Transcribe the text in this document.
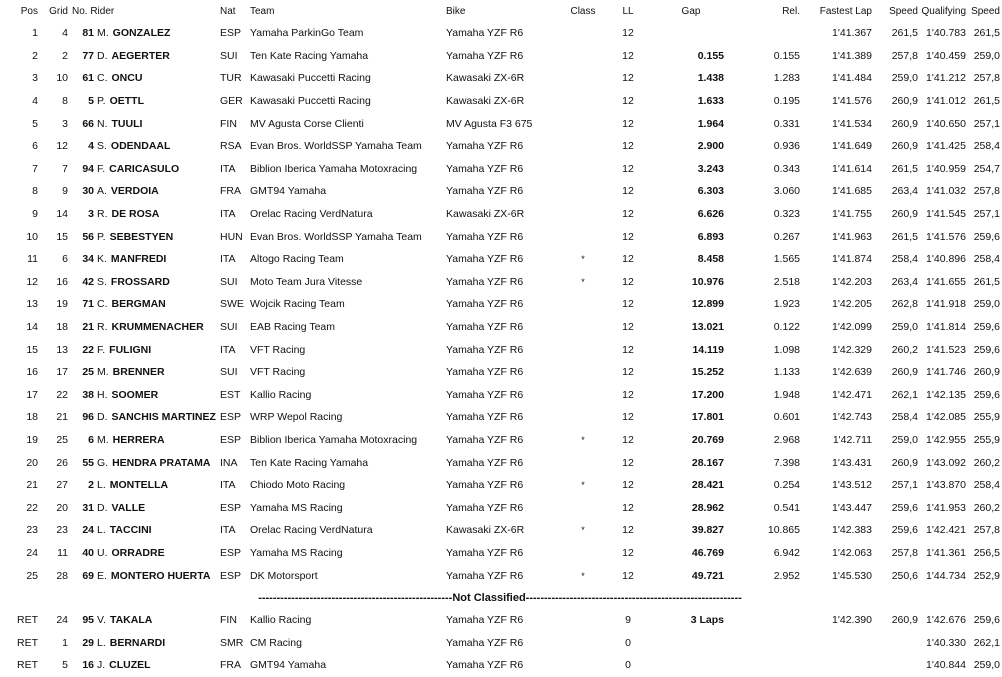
Pos	Grid	No. Rider		Nat	Team	Bike	Class	LL	Gap	Rel.	Fastest Lap	Speed	Qualifying	Speed
1	4	81	M. GONZALEZ	ESP	Yamaha ParkinGo Team	Yamaha YZF R6		12			1'41.367	261,5	1'40.783	261,5
2	2	77	D. AEGERTER	SUI	Ten Kate Racing Yamaha	Yamaha YZF R6		12	0.155	0.155	1'41.389	257,8	1'40.459	259,0
3	10	61	C. ONCU	TUR	Kawasaki Puccetti Racing	Kawasaki ZX-6R		12	1.438	1.283	1'41.484	259,0	1'41.212	257,8
4	8	5	P. OETTL	GER	Kawasaki Puccetti Racing	Kawasaki ZX-6R		12	1.633	0.195	1'41.576	260,9	1'41.012	261,5
5	3	66	N. TUULI	FIN	MV Agusta Corse Clienti	MV Agusta F3 675		12	1.964	0.331	1'41.534	260,9	1'40.650	257,1
6	12	4	S. ODENDAAL	RSA	Evan Bros. WorldSSP Yamaha Team	Yamaha YZF R6		12	2.900	0.936	1'41.649	260,9	1'41.425	258,4
7	7	94	F. CARICASULO	ITA	Biblion Iberica Yamaha Motoxracing	Yamaha YZF R6		12	3.243	0.343	1'41.614	261,5	1'40.959	254,7
8	9	30	A. VERDOIA	FRA	GMT94 Yamaha	Yamaha YZF R6		12	6.303	3.060	1'41.685	263,4	1'41.032	257,8
9	14	3	R. DE ROSA	ITA	Orelac Racing VerdNatura	Kawasaki ZX-6R		12	6.626	0.323	1'41.755	260,9	1'41.545	257,1
10	15	56	P. SEBESTYEN	HUN	Evan Bros. WorldSSP Yamaha Team	Yamaha YZF R6		12	6.893	0.267	1'41.963	261,5	1'41.576	259,6
11	6	34	K. MANFREDI	ITA	Altogo Racing Team	Yamaha YZF R6	*	12	8.458	1.565	1'41.874	258,4	1'40.896	258,4
12	16	42	S. FROSSARD	SUI	Moto Team Jura Vitesse	Yamaha YZF R6	*	12	10.976	2.518	1'42.203	263,4	1'41.655	261,5
13	19	71	C. BERGMAN	SWE	Wojcik Racing Team	Yamaha YZF R6		12	12.899	1.923	1'42.205	262,8	1'41.918	259,0
14	18	21	R. KRUMMENACHER	SUI	EAB Racing Team	Yamaha YZF R6		12	13.021	0.122	1'42.099	259,0	1'41.814	259,6
15	13	22	F. FULIGNI	ITA	VFT Racing	Yamaha YZF R6		12	14.119	1.098	1'42.329	260,2	1'41.523	259,6
16	17	25	M. BRENNER	SUI	VFT Racing	Yamaha YZF R6		12	15.252	1.133	1'42.639	260,9	1'41.746	260,9
17	22	38	H. SOOMER	EST	Kallio Racing	Yamaha YZF R6		12	17.200	1.948	1'42.471	262,1	1'42.135	259,6
18	21	96	D. SANCHIS MARTINEZ	ESP	WRP Wepol Racing	Yamaha YZF R6		12	17.801	0.601	1'42.743	258,4	1'42.085	255,9
19	25	6	M. HERRERA	ESP	Biblion Iberica Yamaha Motoxracing	Yamaha YZF R6	*	12	20.769	2.968	1'42.711	259,0	1'42.955	255,9
20	26	55	G. HENDRA PRATAMA	INA	Ten Kate Racing Yamaha	Yamaha YZF R6		12	28.167	7.398	1'43.431	260,9	1'43.092	260,2
21	27	2	L. MONTELLA	ITA	Chiodo Moto Racing	Yamaha YZF R6	*	12	28.421	0.254	1'43.512	257,1	1'43.870	258,4
22	20	31	D. VALLE	ESP	Yamaha MS Racing	Yamaha YZF R6		12	28.962	0.541	1'43.447	259,6	1'41.953	260,2
23	23	24	L. TACCINI	ITA	Orelac Racing VerdNatura	Kawasaki ZX-6R	*	12	39.827	10.865	1'42.383	259,6	1'42.421	257,8
24	11	40	U. ORRADRE	ESP	Yamaha MS Racing	Yamaha YZF R6		12	46.769	6.942	1'42.063	257,8	1'41.361	256,5
25	28	69	E. MONTERO HUERTA	ESP	DK Motorsport	Yamaha YZF R6	*	12	49.721	2.952	1'45.530	250,6	1'44.734	252,9
-----------------------------------------------------Not Classified-----------------------------------------------------------														
RET	24	95	V. TAKALA	FIN	Kallio Racing	Yamaha YZF R6		9	3 Laps		1'42.390	260,9	1'42.676	259,6
RET	1	29	L. BERNARDI	SMR	CM Racing	Yamaha YZF R6		0					1'40.330	262,1
RET	5	16	J. CLUZEL	FRA	GMT94 Yamaha	Yamaha YZF R6		0					1'40.844	259,0
